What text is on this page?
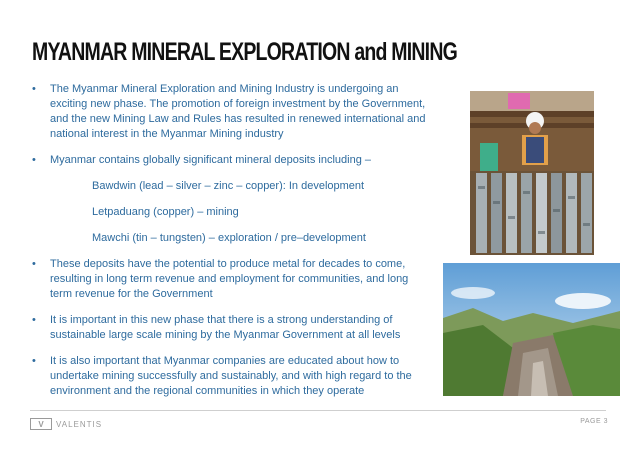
MYANMAR MINERAL EXPLORATION and MINING
• The Myanmar Mineral Exploration and Mining Industry is undergoing an exciting new phase. The promotion of foreign investment by the Government, and the new Mining Law and Rules has resulted in renewed international and national interest in the Myanmar Mining industry
• Myanmar contains globally significant mineral deposits including –
Bawdwin (lead – silver – zinc – copper): In development
Letpaduang (copper) – mining
Mawchi (tin – tungsten) – exploration / pre–development
• These deposits have the potential to produce metal for decades to come, resulting in long term revenue and employment for communities, and long term revenue for the Government
• It is important in this new phase that there is a strong understanding of sustainable large scale mining by the Myanmar Government at all levels
• It is also important that Myanmar companies are educated about how to undertake mining successfully and sustainably, and with high regard to the environment and the regional communities in which they operate
V	VALENTIS	PAGE 3
